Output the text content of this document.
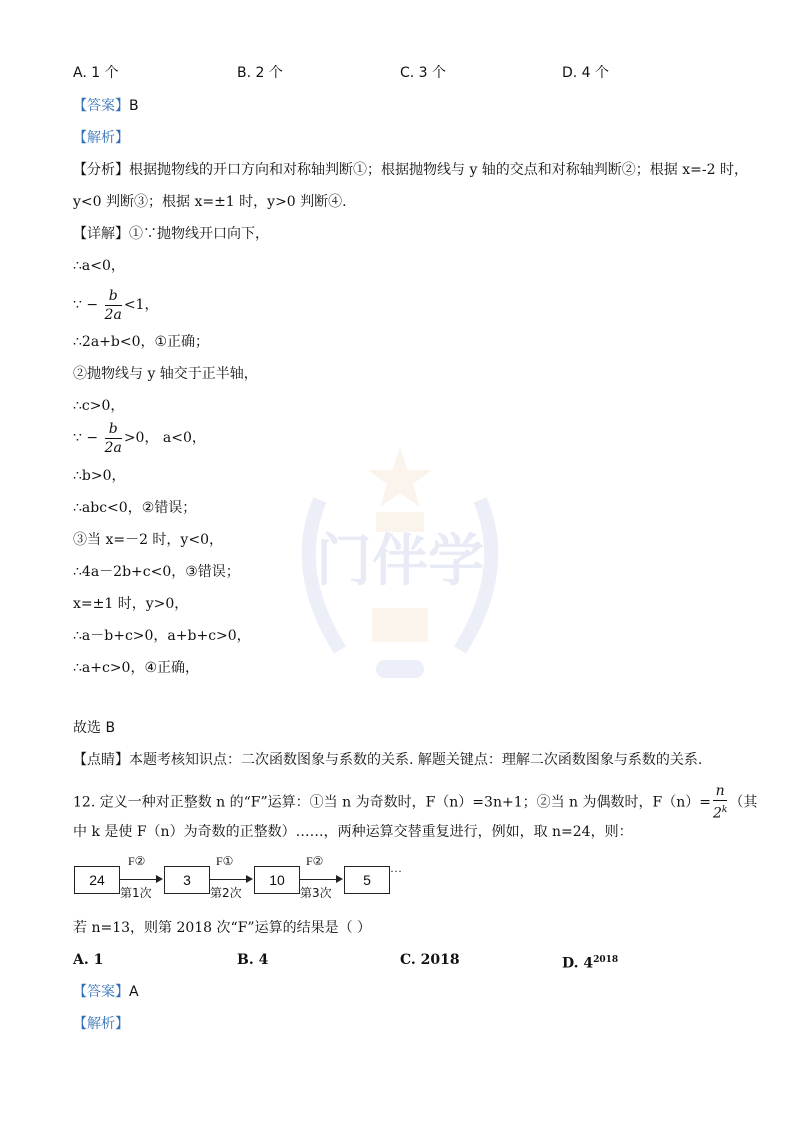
门伴学
A. 1 个	B. 2 个	C. 3 个	D. 4 个
【答案】B
【解析】
【分析】根据抛物线的开口方向和对称轴判断①；根据抛物线与 y 轴的交点和对称轴判断②；根据 x=-2 时，
y<0 判断③；根据 x=±1 时，y>0 判断④.
【详解】①∵抛物线开口向下，
∴a<0，
∵ − $\frac{b}{2a} <1$，
∴2a+b<0，①正确；
②抛物线与 y 轴交于正半轴，
∴c>0，
∵ − $\frac{b}{2a} >0$， a<0，
∴b>0，
∴abc<0，②错误；
③当 x=－2 时，y<0，
∴4a－2b+c<0，③错误；
x=±1 时，y>0，
∴a－b+c>0，a+b+c>0，
∴a+c>0，④正确，
故选 B
【点睛】本题考核知识点：二次函数图象与系数的关系. 解题关键点：理解二次函数图象与系数的关系.
12. 定义一种对正整数 n 的“F”运算：①当 n 为奇数时，F（n）=3n+1；②当 n 为偶数时，$F(n)= \frac{n}{2^k}$ （其
中 k 是使 F（n）为奇数的正整数）……，两种运算交替重复进行，例如，取 n=24，则：
24
F②
第1次
3
F①
第2次
10
F②
第3次
5
···
若 n=13，则第 2018 次“F”运算的结果是（ ）
A. 1	B. 4	C. 2018	D. $4^{2018}$
【答案】A
【解析】
